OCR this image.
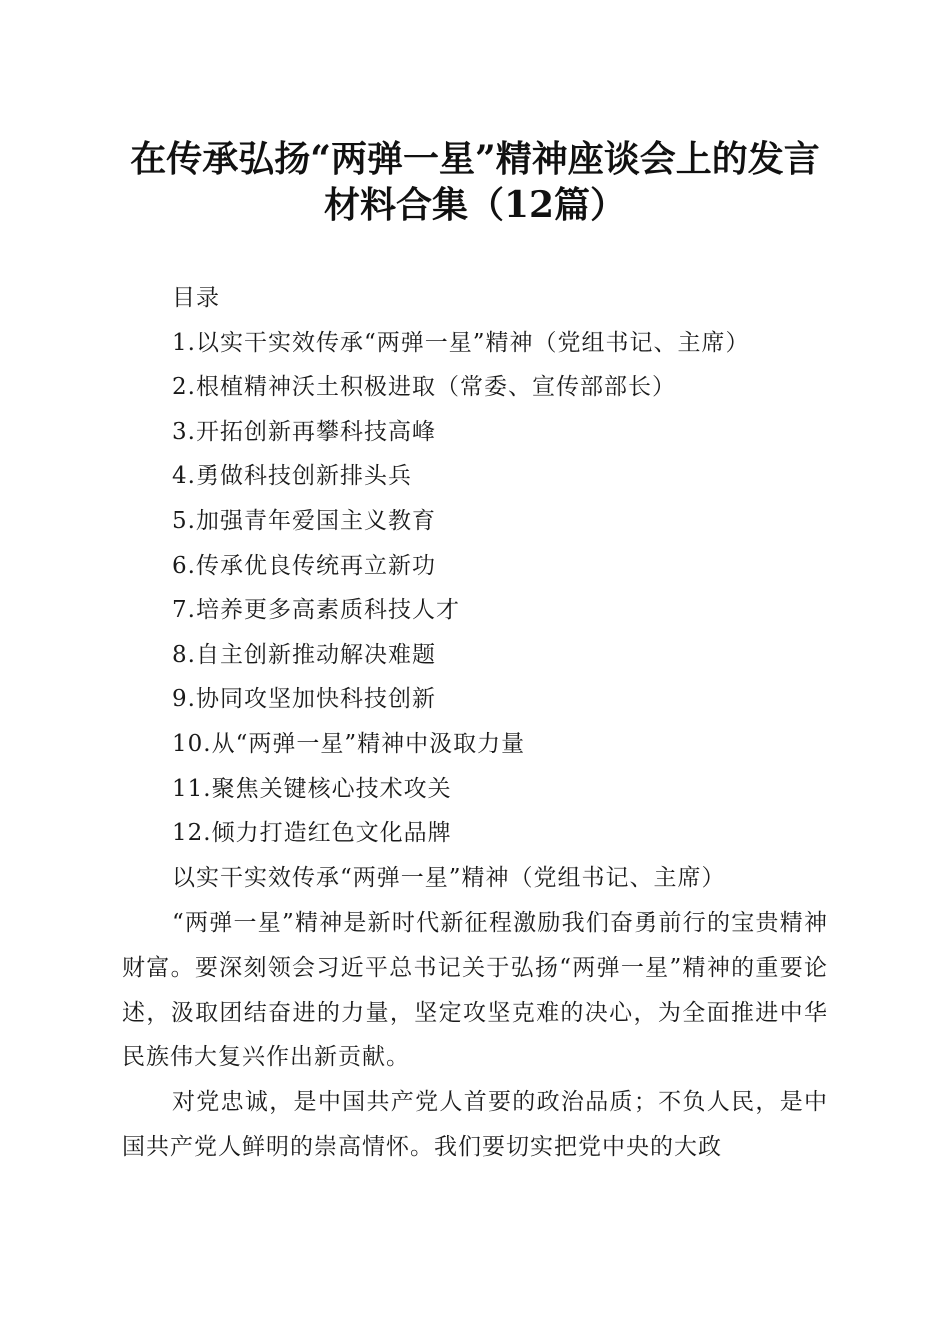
在传承弘扬“两弹一星”精神座谈会上的发言
材料合集（12篇）
目录
1.以实干实效传承“两弹一星”精神（党组书记、主席）
2.根植精神沃土积极进取（常委、宣传部部长）
3.开拓创新再攀科技高峰
4.勇做科技创新排头兵
5.加强青年爱国主义教育
6.传承优良传统再立新功
7.培养更多高素质科技人才
8.自主创新推动解决难题
9.协同攻坚加快科技创新
10.从“两弹一星”精神中汲取力量
11.聚焦关键核心技术攻关
12.倾力打造红色文化品牌
以实干实效传承“两弹一星”精神（党组书记、主席）

“两弹一星”精神是新时代新征程激励我们奋勇前行的宝贵精神财富。要深刻领会习近平总书记关于弘扬“两弹一星”精神的重要论述，汲取团结奋进的力量，坚定攻坚克难的决心，为全面推进中华民族伟大复兴作出新贡献。

对党忠诚，是中国共产党人首要的政治品质；不负人民，是中国共产党人鲜明的崇高情怀。我们要切实把党中央的大政
